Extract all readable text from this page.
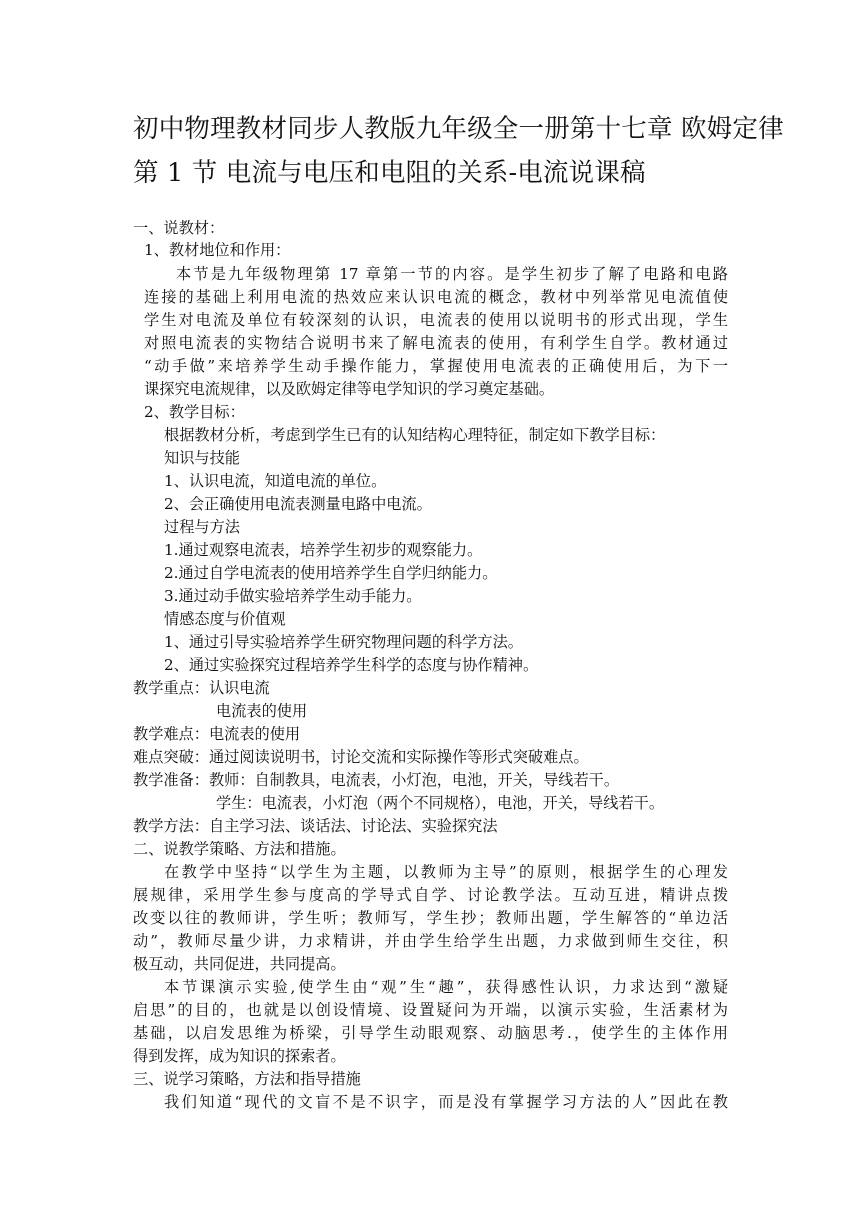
初中物理教材同步人教版九年级全一册第十七章 欧姆定律
第 1 节 电流与电压和电阻的关系-电流说课稿
一、说教材：
1、教材地位和作用：
本节是九年级物理第 17 章第一节的内容。是学生初步了解了电路和电路
连接的基础上利用电流的热效应来认识电流的概念，教材中列举常见电流值使
学生对电流及单位有较深刻的认识，电流表的使用以说明书的形式出现，学生
对照电流表的实物结合说明书来了解电流表的使用，有利学生自学。教材通过
“动手做”来培养学生动手操作能力，掌握使用电流表的正确使用后，为下一
课探究电流规律，以及欧姆定律等电学知识的学习奠定基础。
2、教学目标：
根据教材分析，考虑到学生已有的认知结构心理特征，制定如下教学目标：
知识与技能
1、认识电流，知道电流的单位。
2、会正确使用电流表测量电路中电流。
过程与方法
1.通过观察电流表，培养学生初步的观察能力。
2.通过自学电流表的使用培养学生自学归纳能力。
3.通过动手做实验培养学生动手能力。
情感态度与价值观
1、通过引导实验培养学生研究物理问题的科学方法。
2、通过实验探究过程培养学生科学的态度与协作精神。
教学重点：认识电流
电流表的使用
教学难点：电流表的使用
难点突破：通过阅读说明书，讨论交流和实际操作等形式突破难点。
教学准备：教师：自制教具，电流表，小灯泡，电池，开关，导线若干。
学生：电流表，小灯泡（两个不同规格），电池，开关，导线若干。
教学方法：自主学习法、谈话法、讨论法、实验探究法
二、说教学策略、方法和措施。
在教学中坚持“以学生为主题，以教师为主导”的原则，根据学生的心理发
展规律，采用学生参与度高的学导式自学、讨论教学法。互动互进，精讲点拨
改变以往的教师讲，学生听；教师写，学生抄；教师出题，学生解答的“单边活
动”，教师尽量少讲，力求精讲，并由学生给学生出题，力求做到师生交往，积
极互动，共同促进，共同提高。
本节课演示实验,使学生由“观”生“趣”，获得感性认识，力求达到“激疑
启思”的目的，也就是以创设情境、设置疑问为开端，以演示实验，生活素材为
基础，以启发思维为桥梁，引导学生动眼观察、动脑思考.，使学生的主体作用
得到发挥，成为知识的探索者。
三、说学习策略，方法和指导措施
我们知道“现代的文盲不是不识字，而是没有掌握学习方法的人”因此在教
